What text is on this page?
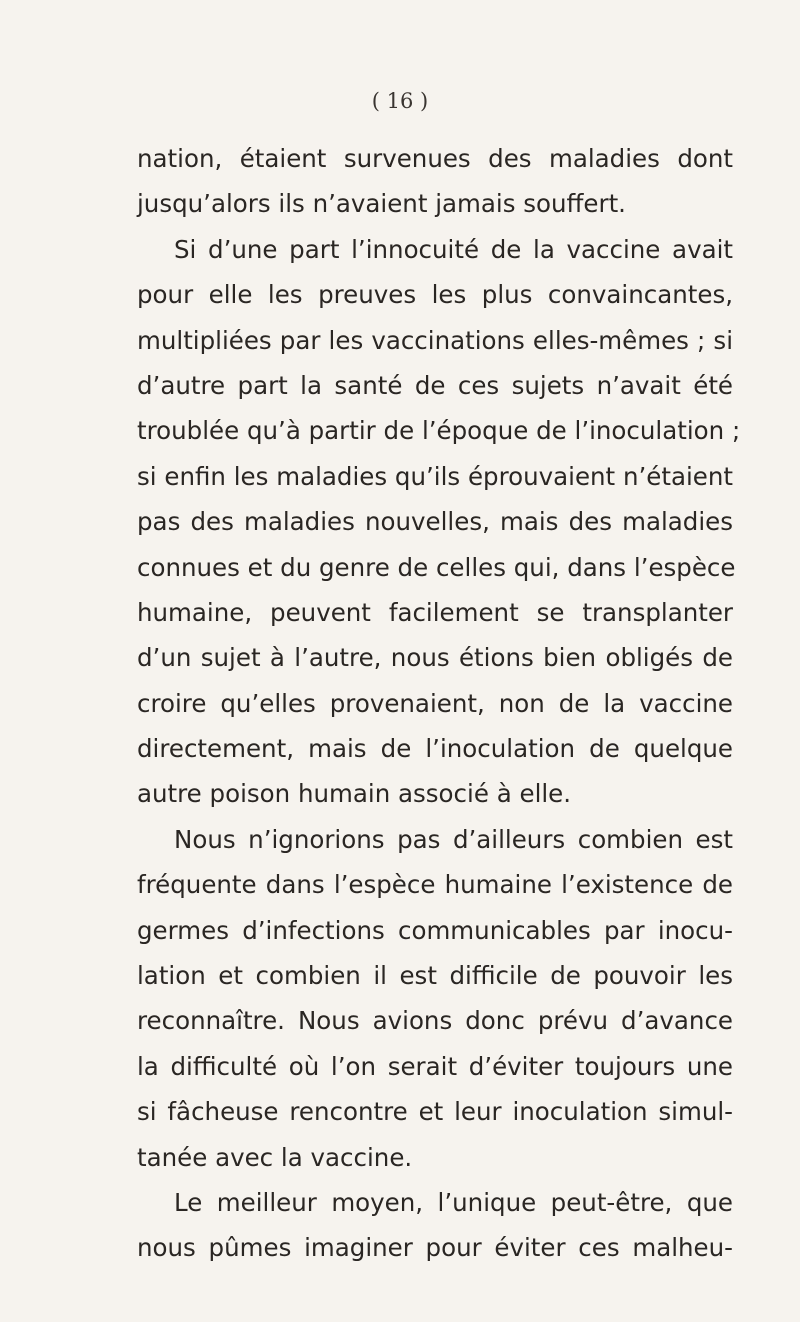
( 16 )
nation, étaient survenues des maladies dont
jusqu’alors ils n’avaient jamais souffert.
Si d’une part l’innocuité de la vaccine avait
pour elle les preuves les plus convaincantes,
multipliées par les vaccinations elles-mêmes ; si
d’autre part la santé de ces sujets n’avait été
troublée qu’à partir de l’époque de l’inoculation ;
si enfin les maladies qu’ils éprouvaient n’étaient
pas des maladies nouvelles, mais des maladies
connues et du genre de celles qui, dans l’espèce
humaine, peuvent facilement se transplanter
d’un sujet à l’autre, nous étions bien obligés de
croire qu’elles provenaient, non de la vaccine
directement, mais de l’inoculation de quelque
autre poison humain associé à elle.
Nous n’ignorions pas d’ailleurs combien est
fréquente dans l’espèce humaine l’existence de
germes d’infections communicables par inocu-
lation et combien il est difficile de pouvoir les
reconnaître. Nous avions donc prévu d’avance
la difficulté où l’on serait d’éviter toujours une
si fâcheuse rencontre et leur inoculation simul-
tanée avec la vaccine.
Le meilleur moyen, l’unique peut-être, que
nous pûmes imaginer pour éviter ces malheu-
